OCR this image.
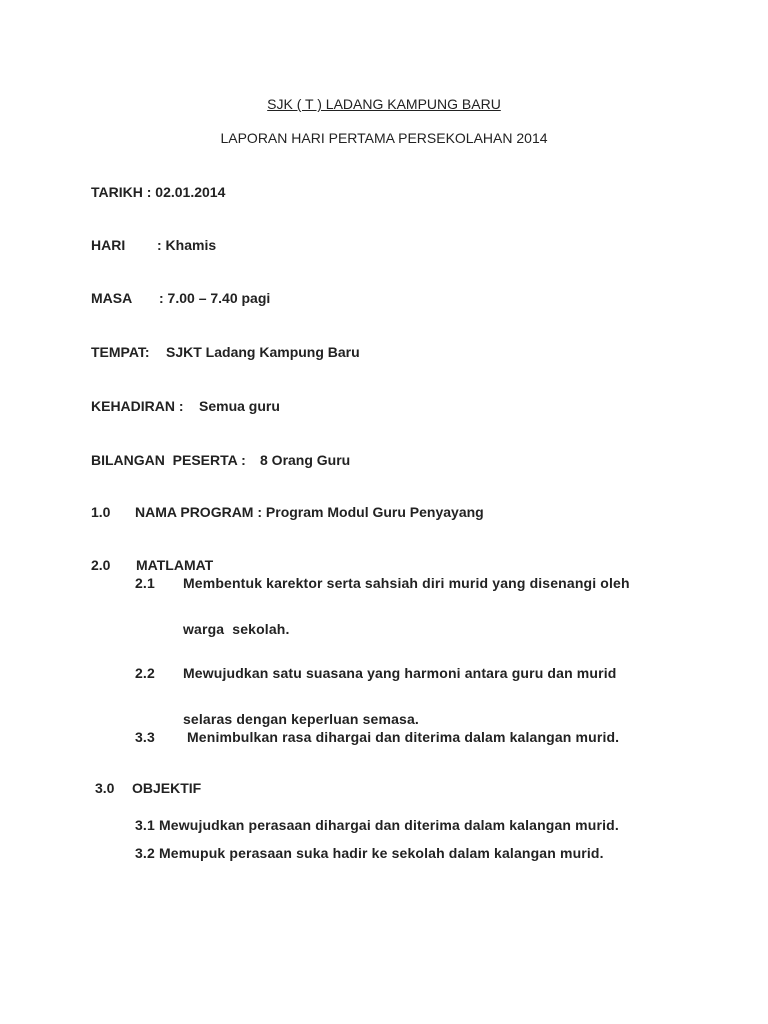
SJK ( T ) LADANG KAMPUNG BARU
LAPORAN HARI PERTAMA PERSEKOLAHAN 2014
TARIKH : 02.01.2014
HARI : Khamis
MASA : 7.00 – 7.40 pagi
TEMPAT: SJKT Ladang Kampung Baru
KEHADIRAN : Semua guru
BILANGAN  PESERTA : 8 Orang Guru
1.0 NAMA PROGRAM : Program Modul Guru Penyayang
2.0 MATLAMAT
2.1 Membentuk karektor serta sahsiah diri murid yang disenangi oleh
warga  sekolah.
2.2 Mewujudkan satu suasana yang harmoni antara guru dan murid
selaras dengan keperluan semasa.
3.3 Menimbulkan rasa dihargai dan diterima dalam kalangan murid.
3.0 OBJEKTIF
3.1 Mewujudkan perasaan dihargai dan diterima dalam kalangan murid.
3.2 Memupuk perasaan suka hadir ke sekolah dalam kalangan murid.
